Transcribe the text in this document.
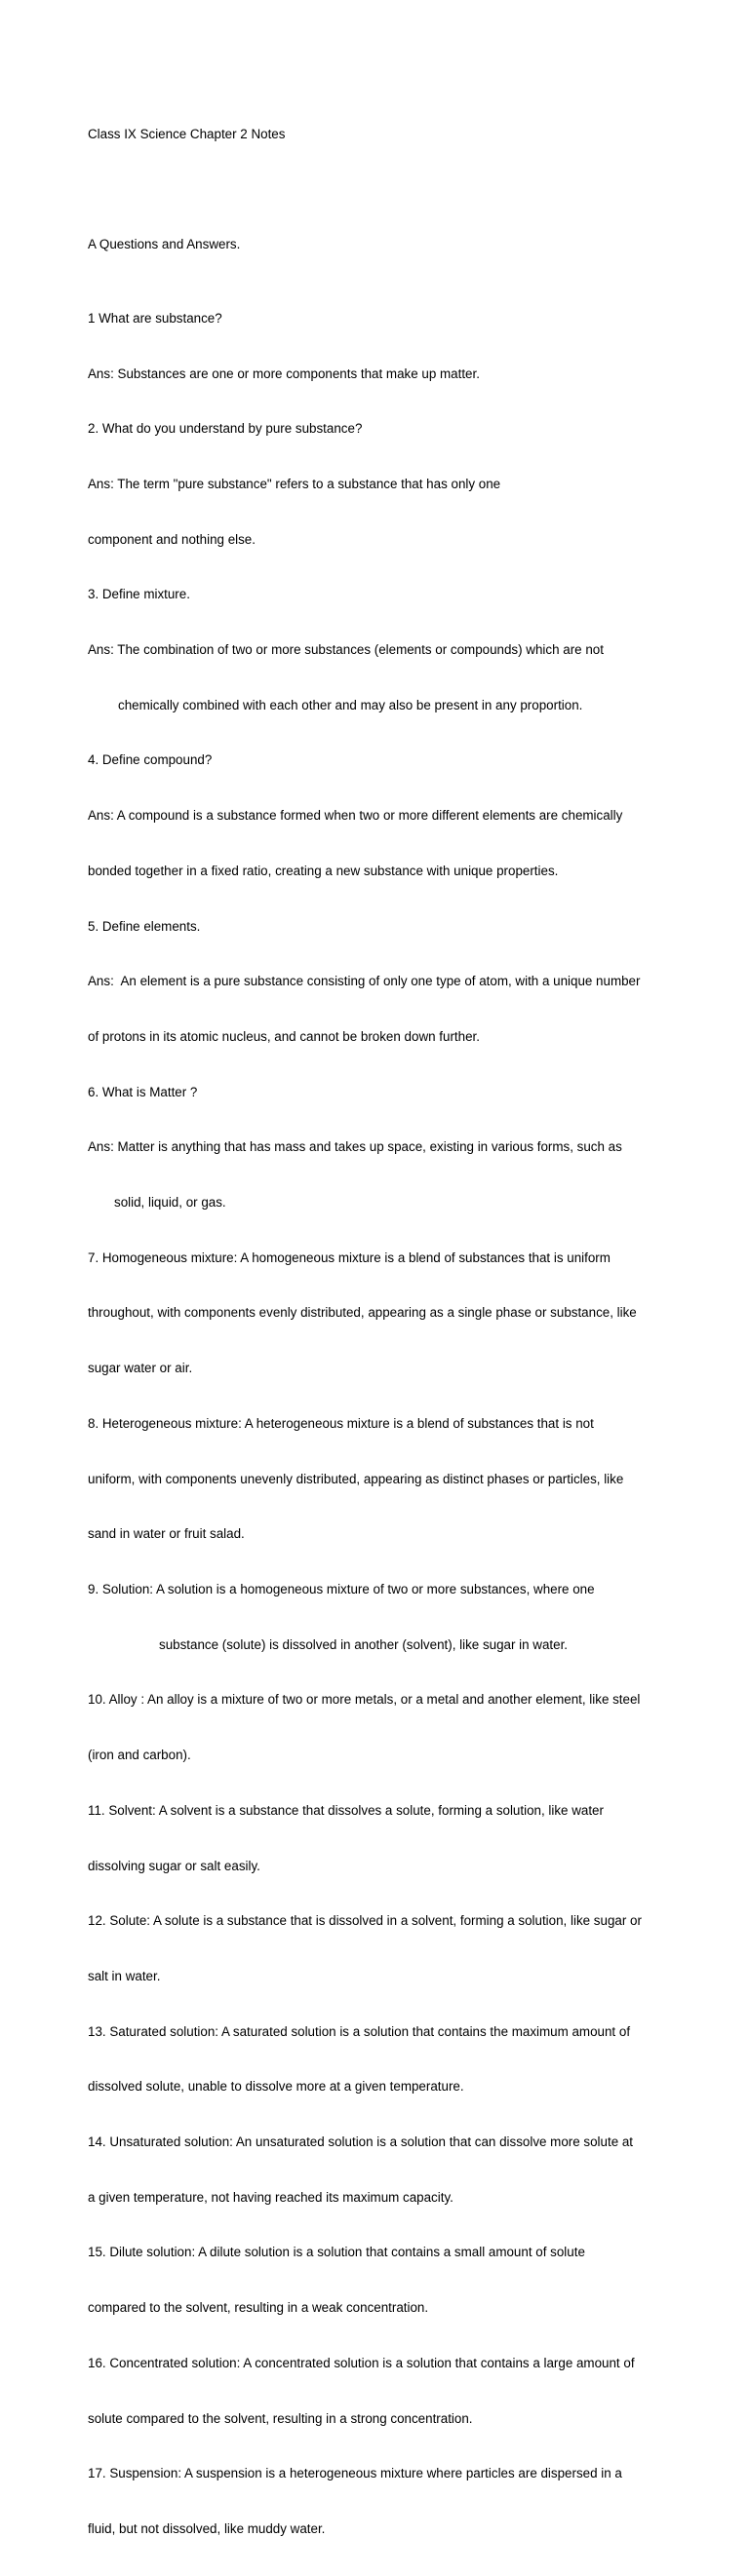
Class IX Science Chapter 2 Notes

A Questions and Answers.

1 What are substance?

Ans: Substances are one or more components that make up matter.

2. What do you understand by pure substance?

Ans: The term "pure substance" refers to a substance that has only one

component and nothing else.

3. Define mixture.

Ans: The combination of two or more substances (elements or compounds) which are not

chemically combined with each other and may also be present in any proportion.

4. Define compound?

Ans: A compound is a substance formed when two or more different elements are chemically

bonded together in a fixed ratio, creating a new substance with unique properties.

5. Define elements.

Ans:  An element is a pure substance consisting of only one type of atom, with a unique number

of protons in its atomic nucleus, and cannot be broken down further.

6. What is Matter ?

Ans: Matter is anything that has mass and takes up space, existing in various forms, such as

solid, liquid, or gas.

7. Homogeneous mixture: A homogeneous mixture is a blend of substances that is uniform

throughout, with components evenly distributed, appearing as a single phase or substance, like

sugar water or air.

8. Heterogeneous mixture: A heterogeneous mixture is a blend of substances that is not

uniform, with components unevenly distributed, appearing as distinct phases or particles, like

sand in water or fruit salad.

9. Solution: A solution is a homogeneous mixture of two or more substances, where one

substance (solute) is dissolved in another (solvent), like sugar in water.

10. Alloy : An alloy is a mixture of two or more metals, or a metal and another element, like steel

(iron and carbon).

11. Solvent: A solvent is a substance that dissolves a solute, forming a solution, like water

dissolving sugar or salt easily.

12. Solute: A solute is a substance that is dissolved in a solvent, forming a solution, like sugar or

salt in water.

13. Saturated solution: A saturated solution is a solution that contains the maximum amount of

dissolved solute, unable to dissolve more at a given temperature.

14. Unsaturated solution: An unsaturated solution is a solution that can dissolve more solute at

a given temperature, not having reached its maximum capacity.

15. Dilute solution: A dilute solution is a solution that contains a small amount of solute

compared to the solvent, resulting in a weak concentration.

16. Concentrated solution: A concentrated solution is a solution that contains a large amount of

solute compared to the solvent, resulting in a strong concentration.

17. Suspension: A suspension is a heterogeneous mixture where particles are dispersed in a

fluid, but not dissolved, like muddy water.
